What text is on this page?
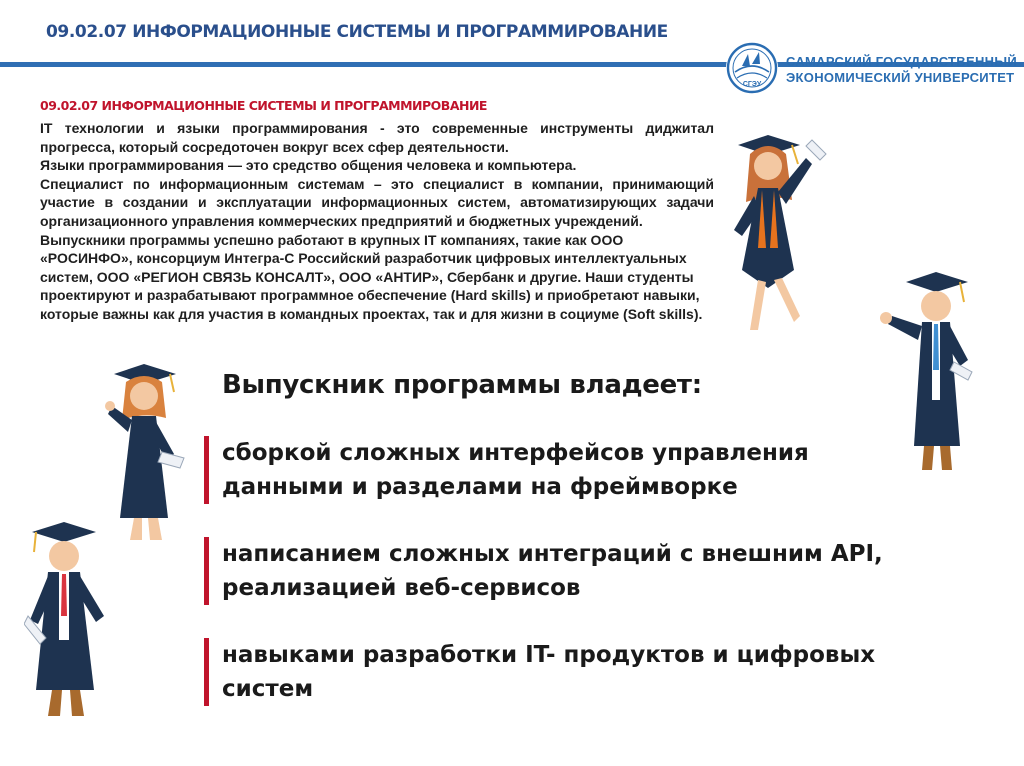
09.02.07 ИНФОРМАЦИОННЫЕ СИСТЕМЫ И ПРОГРАММИРОВАНИЕ
СГЭУ

САМАРСКИЙ ГОСУДАРСТВЕННЫЙ
ЭКОНОМИЧЕСКИЙ УНИВЕРСИТЕТ

09.02.07 ИНФОРМАЦИОННЫЕ СИСТЕМЫ И ПРОГРАММИРОВАНИЕ

IT технологии и языки программирования - это современные инструменты диджитал прогресса, который сосредоточен вокруг всех сфер деятельности.

Языки программирования — это средство общения человека и компьютера.

Специалист по информационным системам – это специалист в компании, принимающий участие в создании и эксплуатации информационных систем, автоматизирующих задачи организационного управления коммерческих предприятий и бюджетных учреждений.

Выпускники программы успешно работают в крупных IT компаниях, такие как ООО «РОСИНФО», консорциум Интегра-С Российский разработчик цифровых интеллектуальных систем, ООО «РЕГИОН СВЯЗЬ КОНСАЛТ», ООО «АНТИР», Сбербанк и другие. Наши студенты проектируют и разрабатывают программное обеспечение (Hard skills) и приобретают навыки, которые важны как для участия в командных проектах, так и для жизни в социуме (Soft skills).

Выпускник программы владеет:

сборкой сложных интерфейсов управления

данными и разделами на фреймворке

написанием сложных интеграций с внешним API,

реализацией веб-сервисов

навыками разработки IT- продуктов и цифровых

систем
